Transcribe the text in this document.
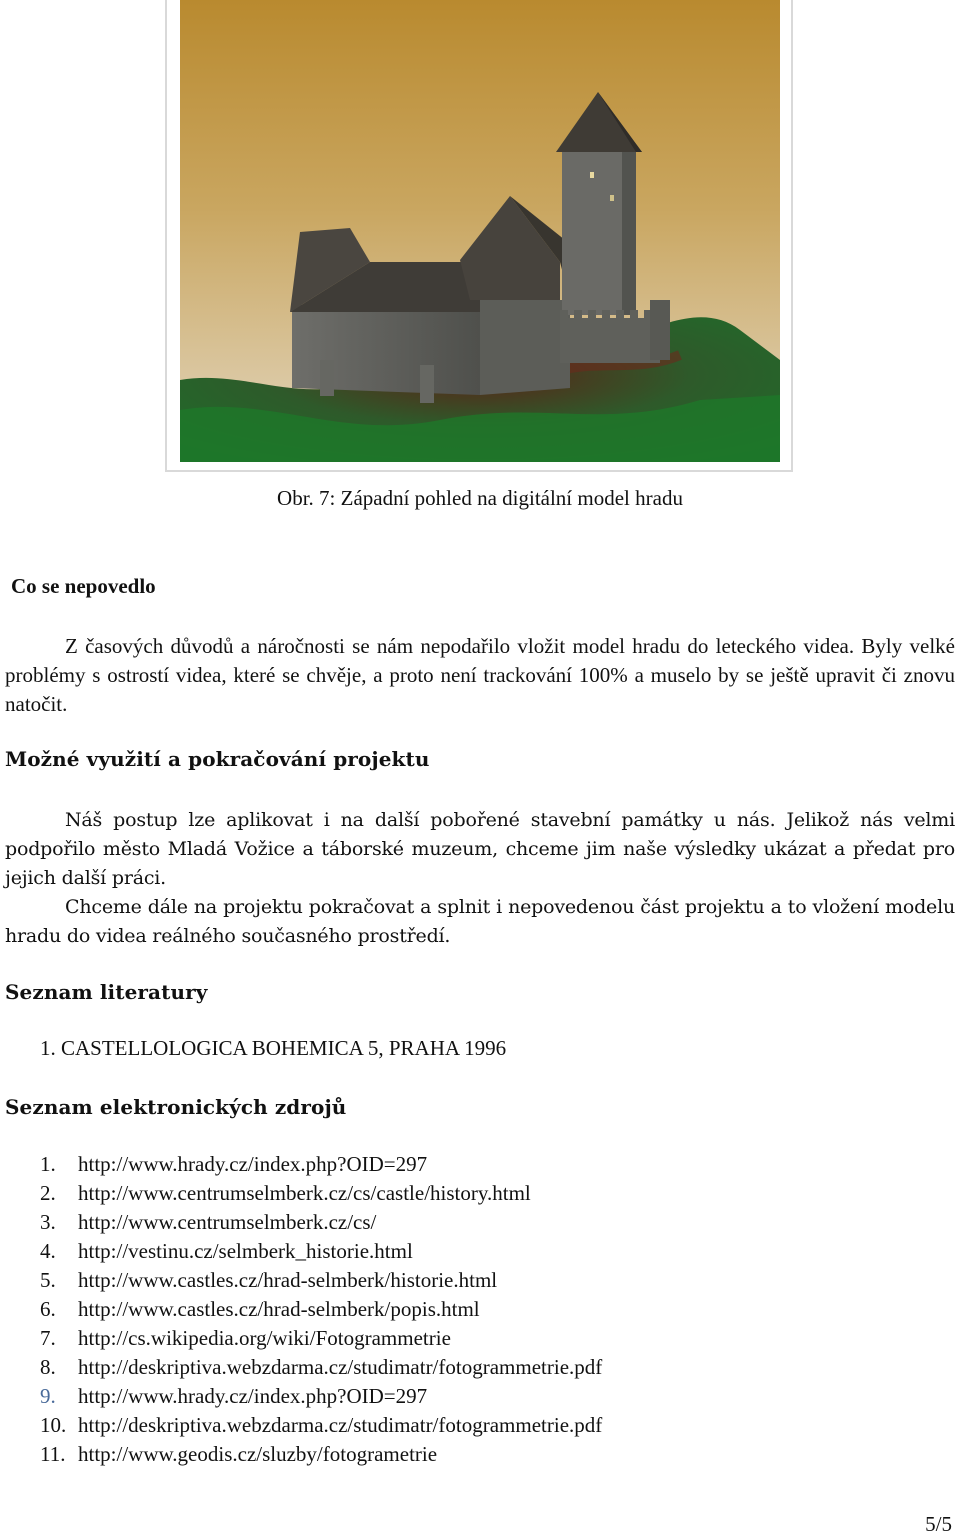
Obr. 7: Západní pohled na digitální model hradu
Co se nepovedlo
Z časových důvodů a náročnosti se nám nepodařilo vložit model hradu do leteckého videa. Byly velké problémy s ostrostí videa, které se chvěje, a proto není trackování 100% a muselo by se ještě upravit či znovu natočit.
Možné využití a pokračování projektu
Náš postup lze aplikovat i na další pobořené stavební památky u nás. Jelikož nás velmi podpořilo město Mladá Vožice a táborské muzeum, chceme jim naše výsledky ukázat a předat pro jejich další práci.
Chceme dále na projektu pokračovat a splnit i nepovedenou část projektu a to vložení modelu hradu do videa reálného současného prostředí.
Seznam literatury
1. CASTELLOLOGICA BOHEMICA 5, PRAHA 1996
Seznam elektronických zdrojů
1. http://www.hrady.cz/index.php?OID=297
2. http://www.centrumselmberk.cz/cs/castle/history.html
3. http://www.centrumselmberk.cz/cs/
4. http://vestinu.cz/selmberk_historie.html
5. http://www.castles.cz/hrad-selmberk/historie.html
6. http://www.castles.cz/hrad-selmberk/popis.html
7. http://cs.wikipedia.org/wiki/Fotogrammetrie
8. http://deskriptiva.webzdarma.cz/studimatr/fotogrammetrie.pdf
9. http://www.hrady.cz/index.php?OID=297
10. http://deskriptiva.webzdarma.cz/studimatr/fotogrammetrie.pdf
11. http://www.geodis.cz/sluzby/fotogrametrie
5/5
